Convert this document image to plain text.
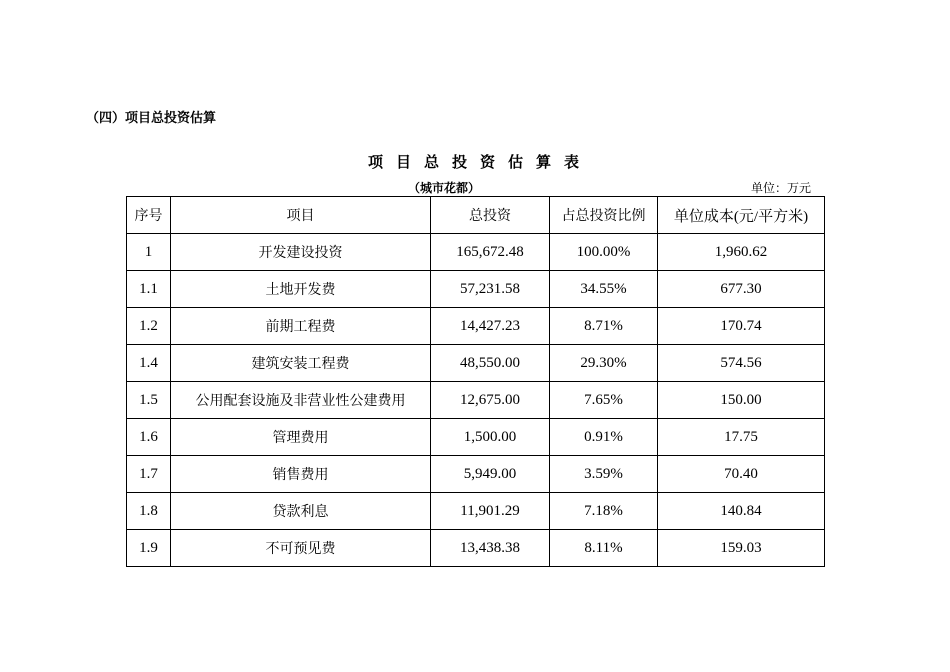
（四）项目总投资估算
项目总投资估算表
（城市花都）	单位：万元
序号	项目	总投资	占总投资比例	单位成本(元/平方米)
1	开发建设投资	165,672.48	100.00%	1,960.62
1.1	土地开发费	57,231.58	34.55%	677.30
1.2	前期工程费	14,427.23	8.71%	170.74
1.4	建筑安装工程费	48,550.00	29.30%	574.56
1.5	公用配套设施及非营业性公建费用	12,675.00	7.65%	150.00
1.6	管理费用	1,500.00	0.91%	17.75
1.7	销售费用	5,949.00	3.59%	70.40
1.8	贷款利息	11,901.29	7.18%	140.84
1.9	不可预见费	13,438.38	8.11%	159.03
